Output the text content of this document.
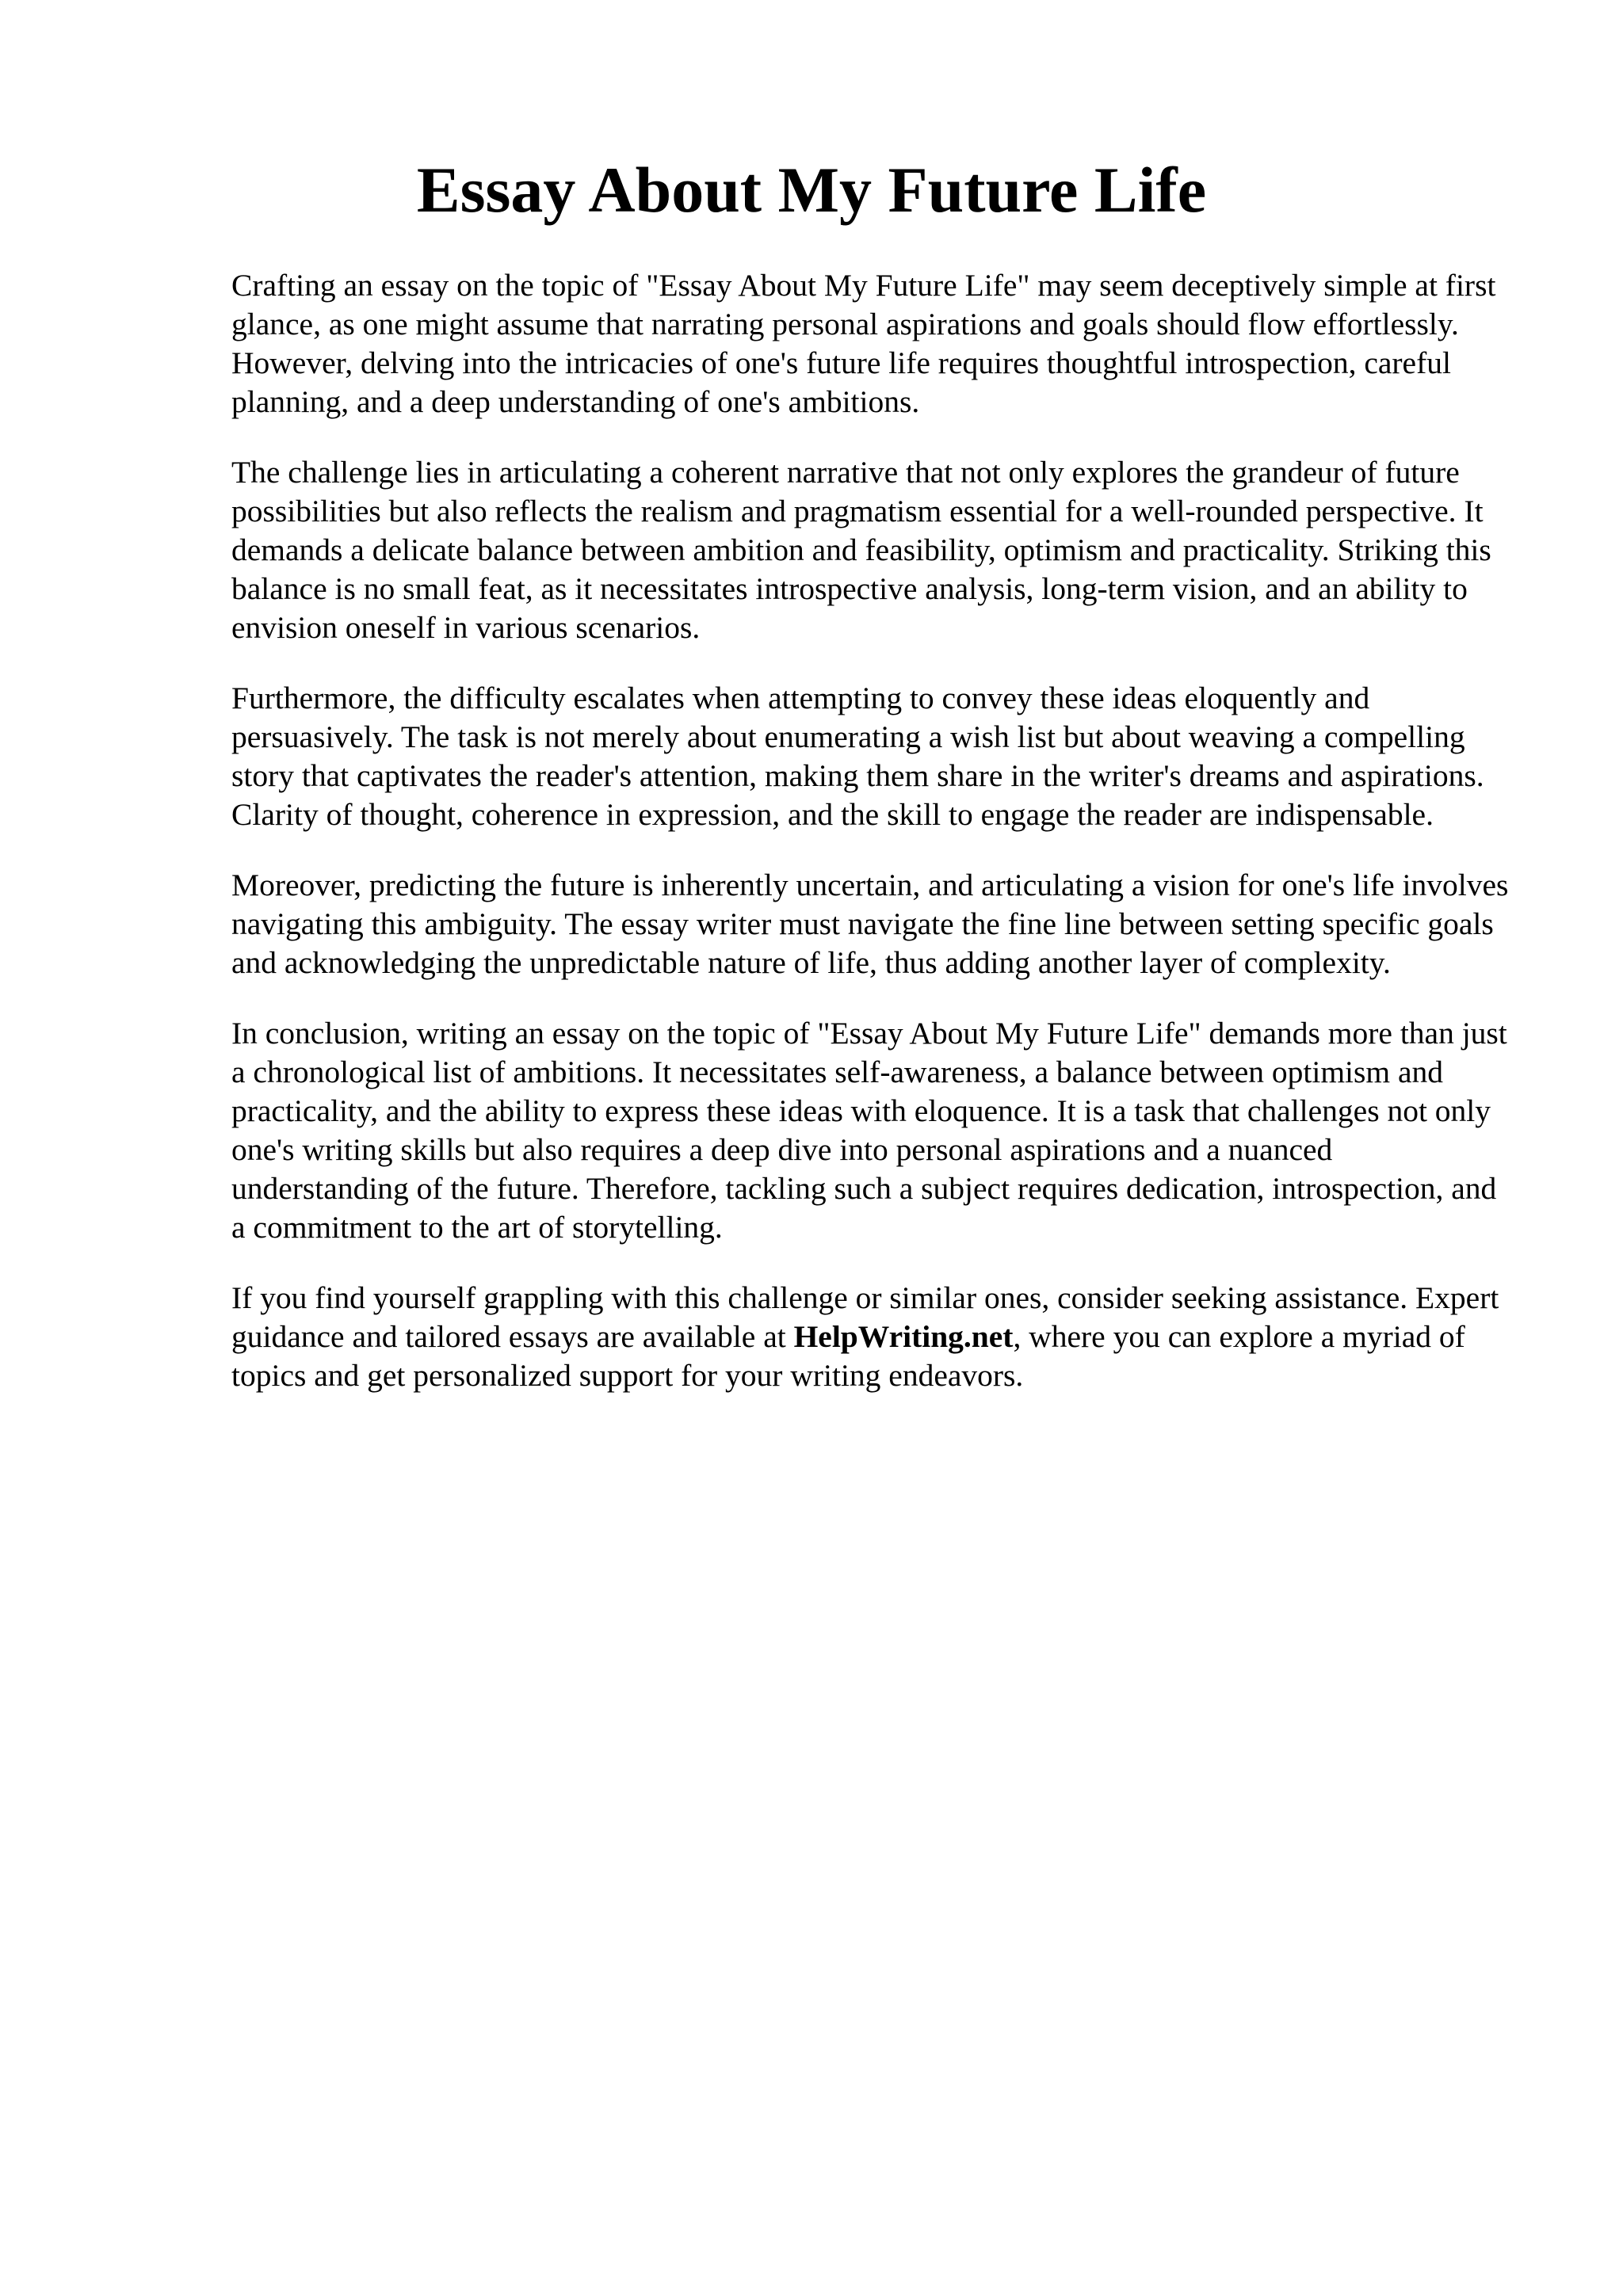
Essay About My Future Life

Crafting an essay on the topic of "Essay About My Future Life" may seem deceptively simple at first glance, as one might assume that narrating personal aspirations and goals should flow effortlessly. However, delving into the intricacies of one's future life requires thoughtful introspection, careful planning, and a deep understanding of one's ambitions.

The challenge lies in articulating a coherent narrative that not only explores the grandeur of future possibilities but also reflects the realism and pragmatism essential for a well-rounded perspective. It demands a delicate balance between ambition and feasibility, optimism and practicality. Striking this balance is no small feat, as it necessitates introspective analysis, long-term vision, and an ability to envision oneself in various scenarios.

Furthermore, the difficulty escalates when attempting to convey these ideas eloquently and persuasively. The task is not merely about enumerating a wish list but about weaving a compelling story that captivates the reader's attention, making them share in the writer's dreams and aspirations. Clarity of thought, coherence in expression, and the skill to engage the reader are indispensable.

Moreover, predicting the future is inherently uncertain, and articulating a vision for one's life involves navigating this ambiguity. The essay writer must navigate the fine line between setting specific goals and acknowledging the unpredictable nature of life, thus adding another layer of complexity.

In conclusion, writing an essay on the topic of "Essay About My Future Life" demands more than just a chronological list of ambitions. It necessitates self-awareness, a balance between optimism and practicality, and the ability to express these ideas with eloquence. It is a task that challenges not only one's writing skills but also requires a deep dive into personal aspirations and a nuanced understanding of the future. Therefore, tackling such a subject requires dedication, introspection, and a commitment to the art of storytelling.

If you find yourself grappling with this challenge or similar ones, consider seeking assistance. Expert guidance and tailored essays are available at HelpWriting.net, where you can explore a myriad of topics and get personalized support for your writing endeavors.
